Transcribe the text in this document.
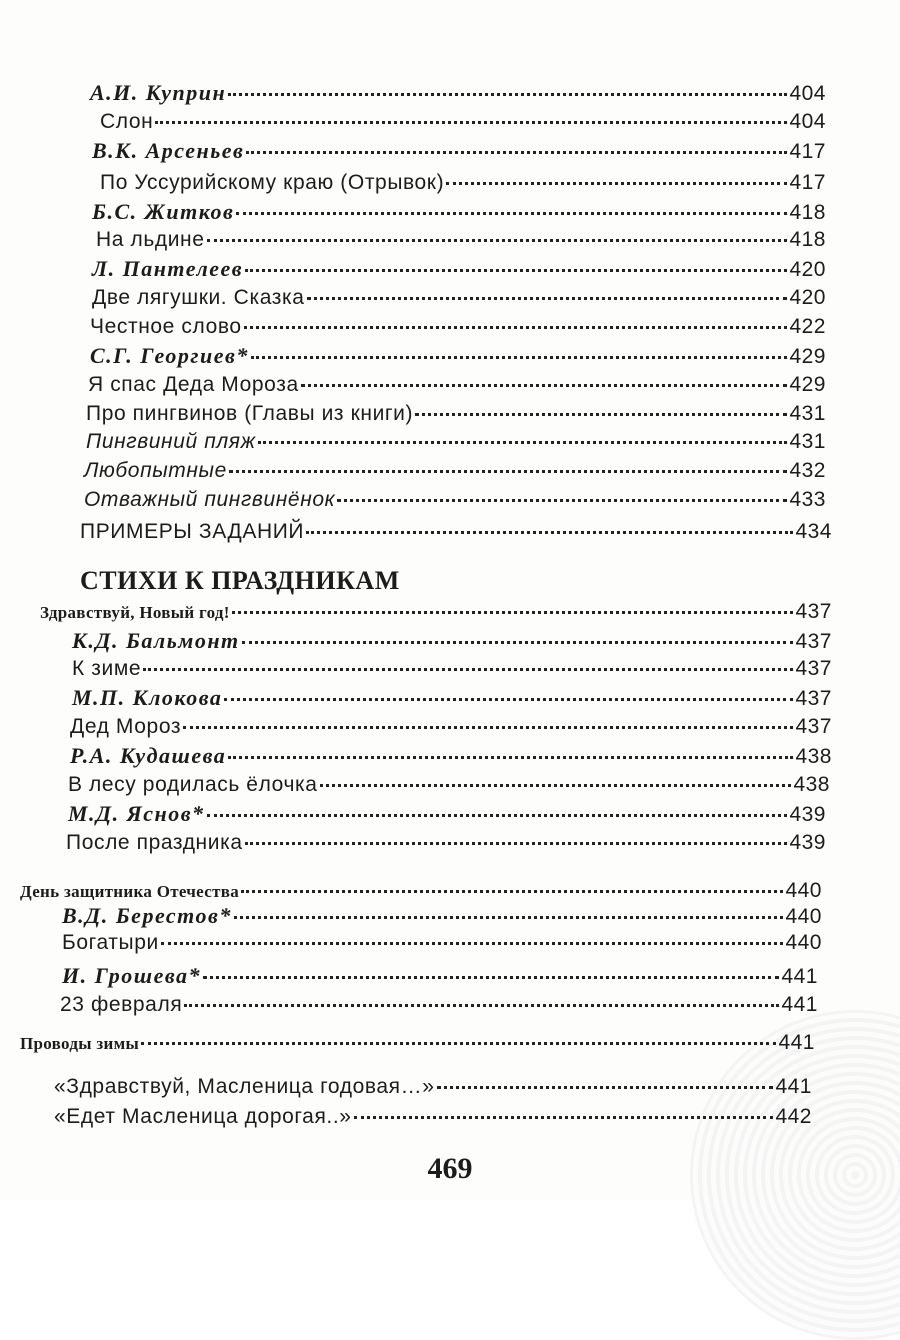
А.И. Куприн	404
Слон	404
В.К. Арсеньев	417
По Уссурийскому краю (Отрывок)	417
Б.С. Житков	418
На льдине	418
Л. Пантелеев	420
Две лягушки. Сказка	420
Честное слово	422
С.Г. Георгиев*	429
Я спас Деда Мороза	429
Про пингвинов (Главы из книги)	431
Пингвиний пляж	431
Любопытные	432
Отважный пингвинёнок	433
ПРИМЕРЫ ЗАДАНИЙ	434
Здравствуй, Новый год!	437
К.Д. Бальмонт	437
К зиме	437
М.П. Клокова	437
Дед Мороз	437
Р.А. Кудашева	438
В лесу родилась ёлочка	438
М.Д. Яснов*	439
После праздника	439
День защитника Отечества	440
В.Д. Берестов*	440
Богатыри	440
И. Грошева*	441
23 февраля	441
Проводы зимы	441
«Здравствуй, Масленица годовая…»	441
«Едет Масленица дорогая..»	442
СТИХИ К ПРАЗДНИКАМ
469
